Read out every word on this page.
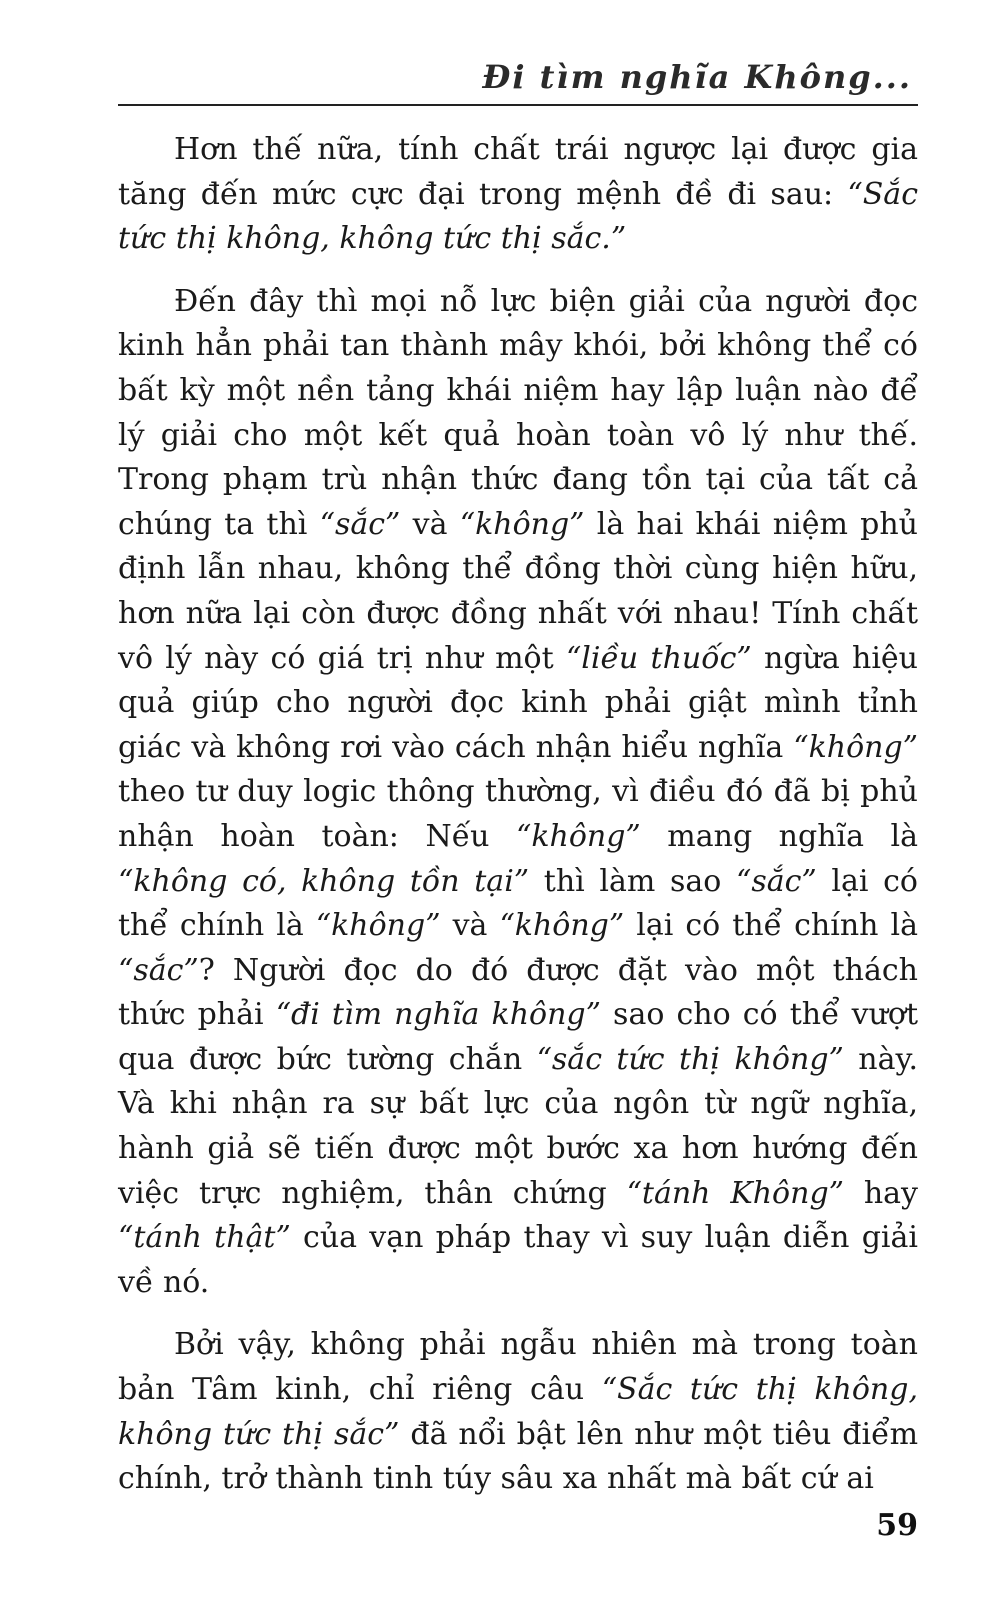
Đi tìm nghĩa Không...

Hơn thế nữa, tính chất trái ngược lại được gia tăng đến mức cực đại trong mệnh đề đi sau: “Sắc tức thị không, không tức thị sắc.”

Đến đây thì mọi nỗ lực biện giải của người đọc kinh hẳn phải tan thành mây khói, bởi không thể có bất kỳ một nền tảng khái niệm hay lập luận nào để lý giải cho một kết quả hoàn toàn vô lý như thế. Trong phạm trù nhận thức đang tồn tại của tất cả chúng ta thì “sắc” và “không” là hai khái niệm phủ định lẫn nhau, không thể đồng thời cùng hiện hữu, hơn nữa lại còn được đồng nhất với nhau! Tính chất vô lý này có giá trị như một “liều thuốc” ngừa hiệu quả giúp cho người đọc kinh phải giật mình tỉnh giác và không rơi vào cách nhận hiểu nghĩa “không” theo tư duy logic thông thường, vì điều đó đã bị phủ nhận hoàn toàn: Nếu “không” mang nghĩa là “không có, không tồn tại” thì làm sao “sắc” lại có thể chính là “không” và “không” lại có thể chính là “sắc”? Người đọc do đó được đặt vào một thách thức phải “đi tìm nghĩa không” sao cho có thể vượt qua được bức tường chắn “sắc tức thị không” này. Và khi nhận ra sự bất lực của ngôn từ ngữ nghĩa, hành giả sẽ tiến được một bước xa hơn hướng đến việc trực nghiệm, thân chứng “tánh Không” hay “tánh thật” của vạn pháp thay vì suy luận diễn giải về nó.

Bởi vậy, không phải ngẫu nhiên mà trong toàn bản Tâm kinh, chỉ riêng câu “Sắc tức thị không, không tức thị sắc” đã nổi bật lên như một tiêu điểm chính, trở thành tinh túy sâu xa nhất mà bất cứ ai

59
